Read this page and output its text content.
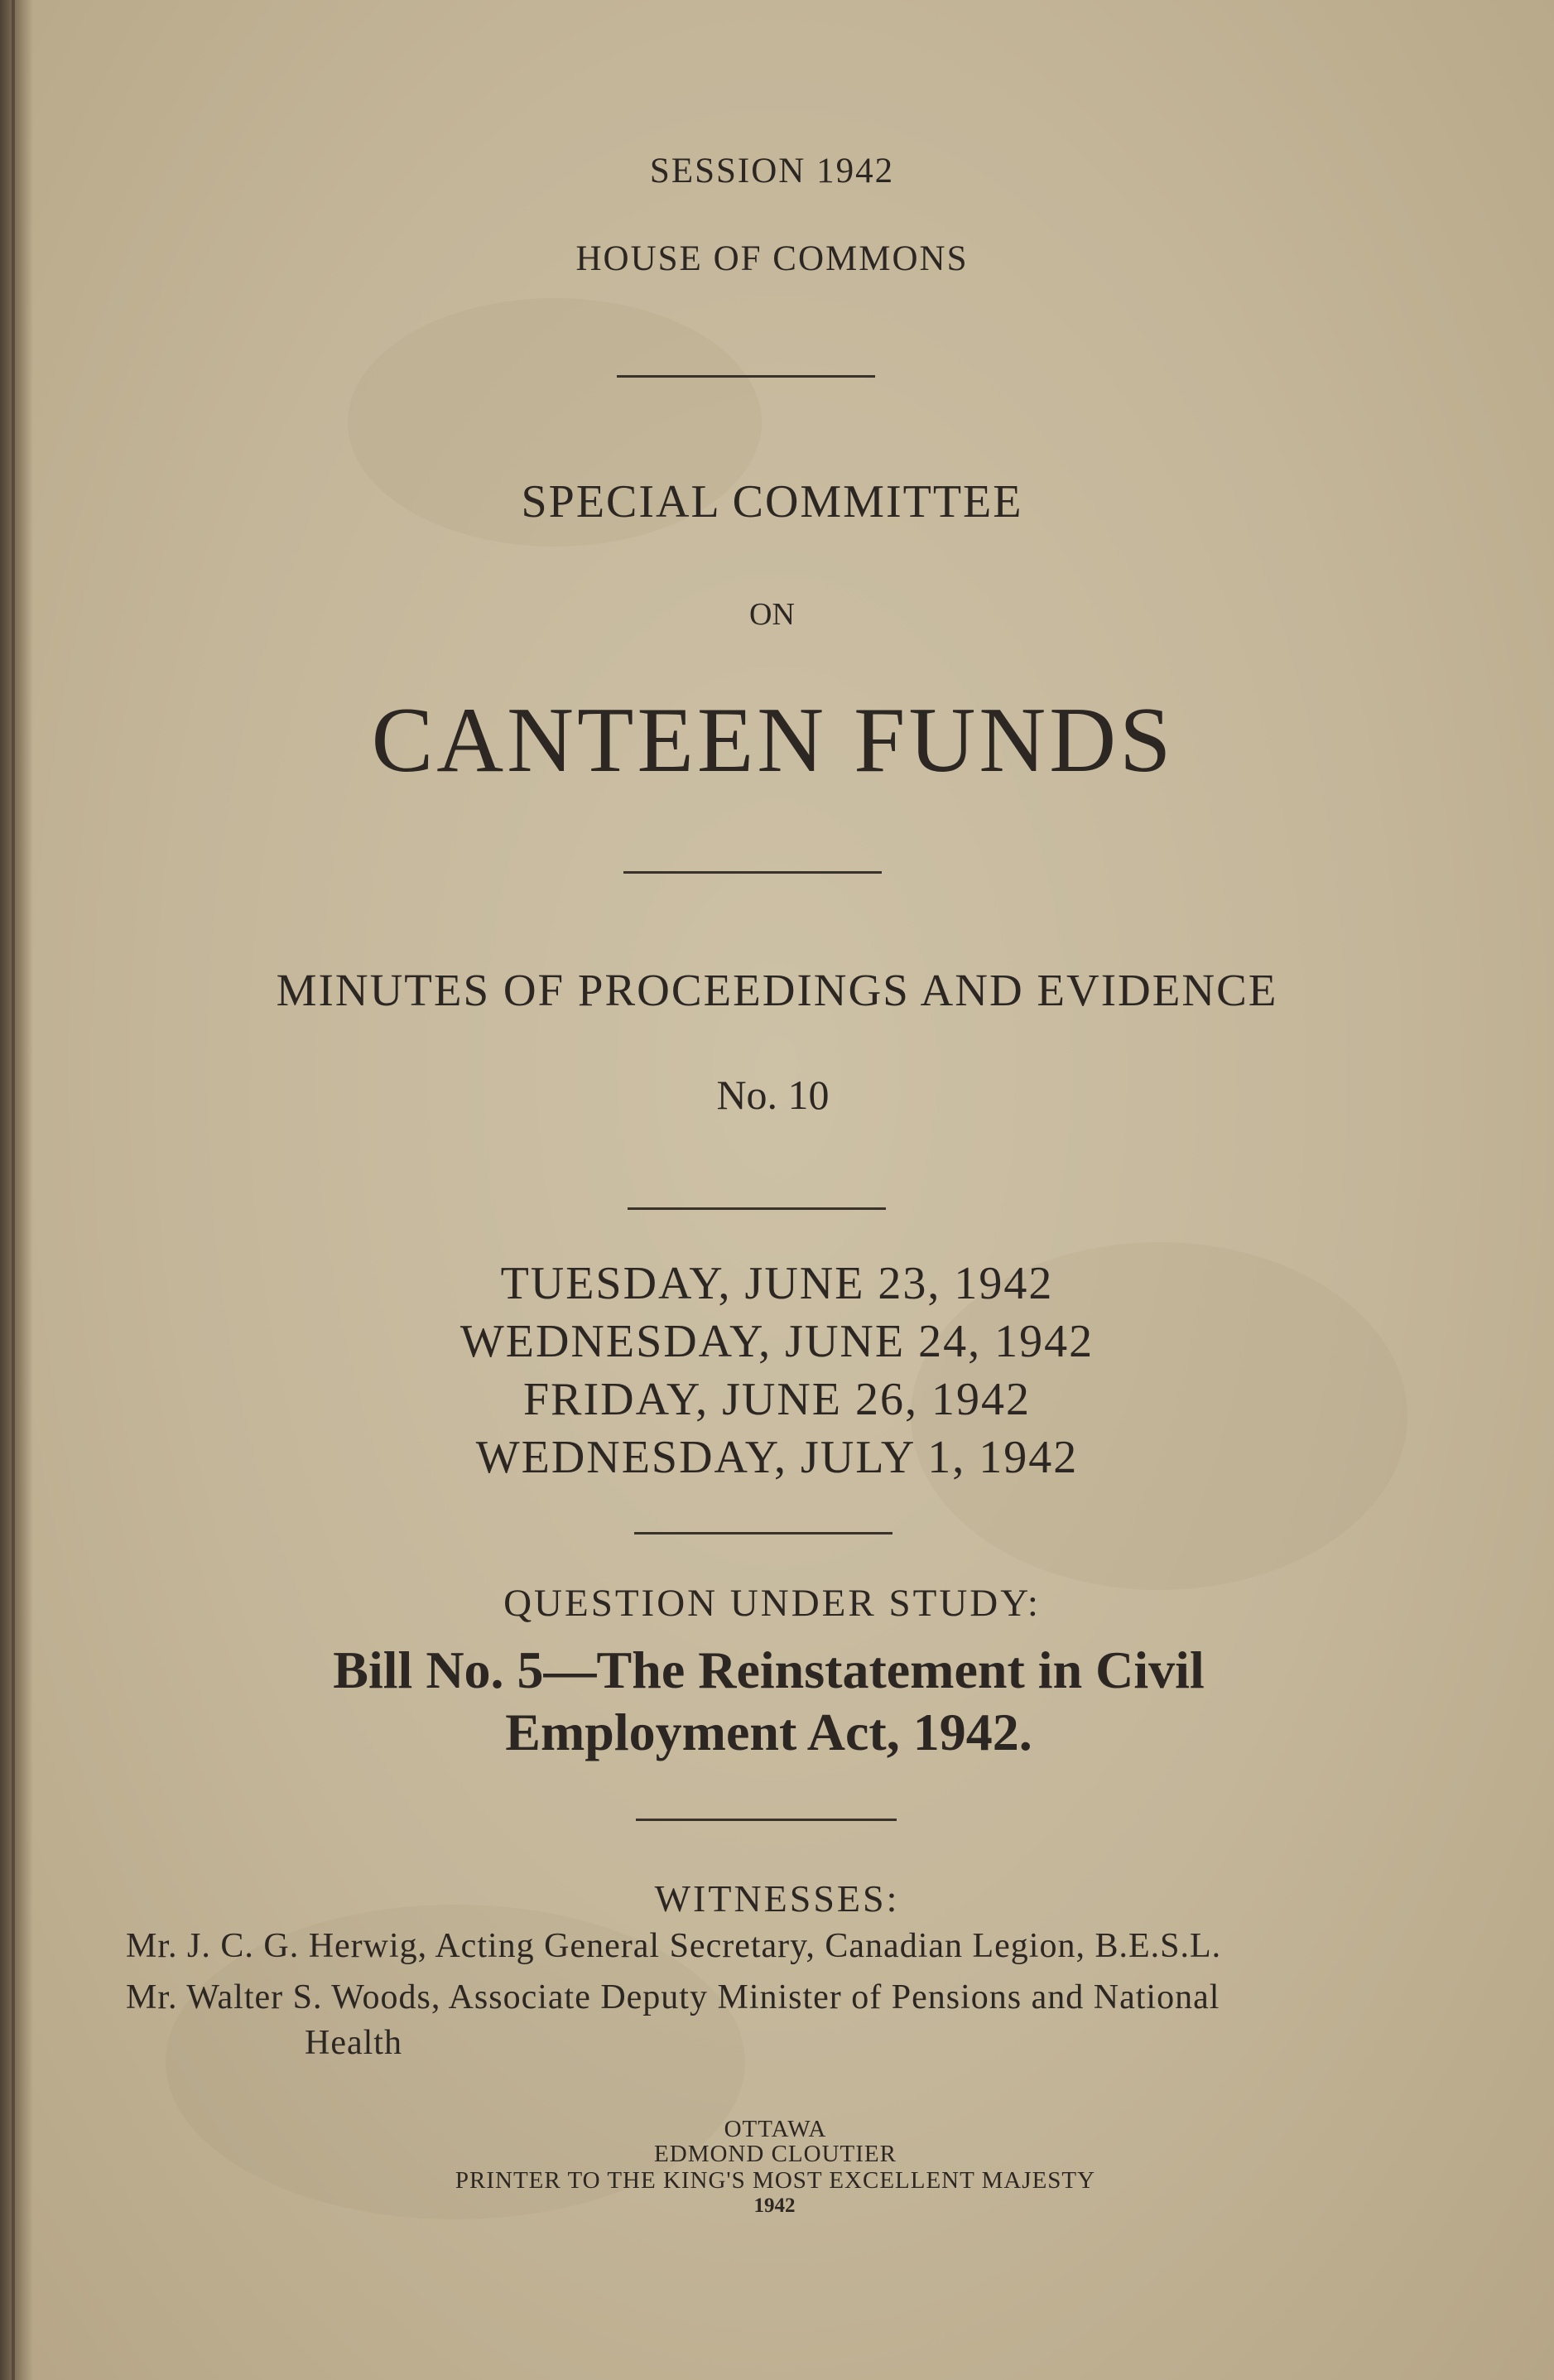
SESSION 1942
HOUSE OF COMMONS
SPECIAL COMMITTEE
ON
CANTEEN FUNDS
MINUTES OF PROCEEDINGS AND EVIDENCE
No. 10
TUESDAY, JUNE 23, 1942
WEDNESDAY, JUNE 24, 1942
FRIDAY, JUNE 26, 1942
WEDNESDAY, JULY 1, 1942
QUESTION UNDER STUDY:
Bill No. 5—The Reinstatement in Civil
Employment Act, 1942.
WITNESSES:
Mr. J. C. G. Herwig, Acting General Secretary, Canadian Legion, B.E.S.L.
Mr. Walter S. Woods, Associate Deputy Minister of Pensions and National
Health
OTTAWA
EDMOND CLOUTIER
PRINTER TO THE KING'S MOST EXCELLENT MAJESTY
1942
